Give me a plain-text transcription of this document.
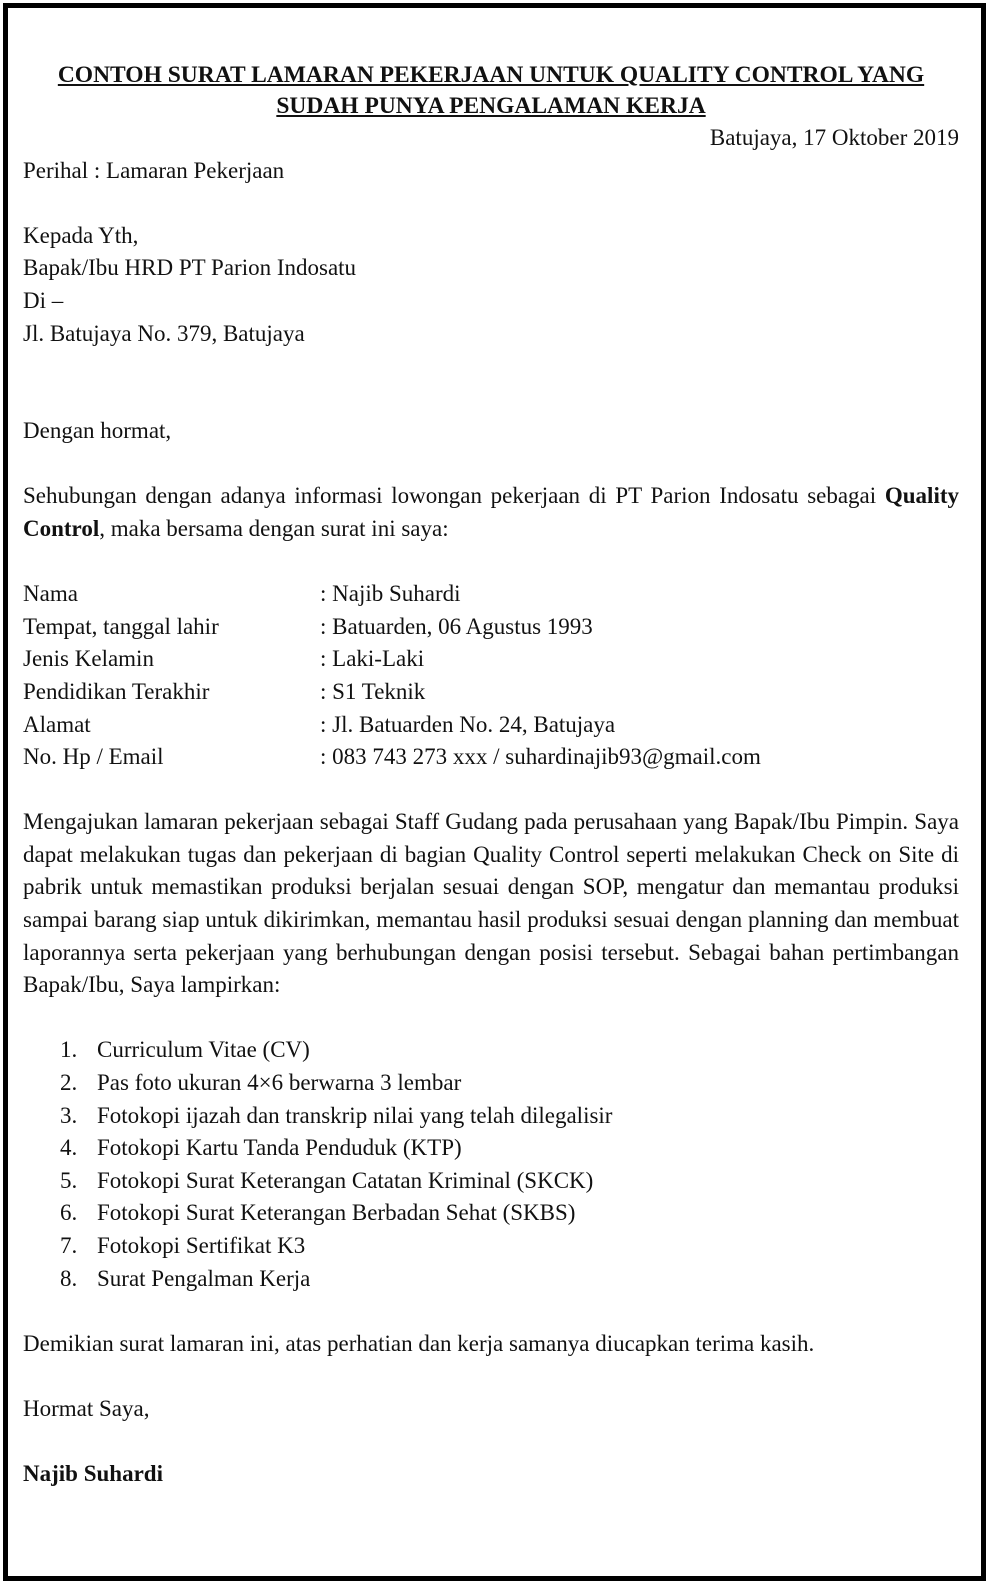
CONTOH SURAT LAMARAN PEKERJAAN UNTUK QUALITY CONTROL YANG
SUDAH PUNYA PENGALAMAN KERJA

Batujaya, 17 Oktober 2019

Perihal : Lamaran Pekerjaan

Kepada Yth,

Bapak/Ibu HRD PT Parion Indosatu

Di –

Jl. Batujaya No. 379, Batujaya

Dengan hormat,

Sehubungan dengan adanya informasi lowongan pekerjaan di PT Parion Indosatu sebagai Quality Control, maka bersama dengan surat ini saya:

Nama	: Najib Suhardi
Tempat, tanggal lahir	: Batuarden, 06 Agustus 1993
Jenis Kelamin	: Laki-Laki
Pendidikan Terakhir	: S1 Teknik
Alamat	: Jl. Batuarden No. 24, Batujaya
No. Hp / Email	: 083 743 273 xxx / suhardinajib93@gmail.com

Mengajukan lamaran pekerjaan sebagai Staff Gudang pada perusahaan yang Bapak/Ibu Pimpin. Saya dapat melakukan tugas dan pekerjaan di bagian Quality Control seperti melakukan Check on Site di pabrik untuk memastikan produksi berjalan sesuai dengan SOP, mengatur dan memantau produksi sampai barang siap untuk dikirimkan, memantau hasil produksi sesuai dengan planning dan membuat laporannya serta pekerjaan yang berhubungan dengan posisi tersebut. Sebagai bahan pertimbangan Bapak/Ibu, Saya lampirkan:

1. Curriculum Vitae (CV)
2. Pas foto ukuran 4×6 berwarna 3 lembar
3. Fotokopi ijazah dan transkrip nilai yang telah dilegalisir
4. Fotokopi Kartu Tanda Penduduk (KTP)
5. Fotokopi Surat Keterangan Catatan Kriminal (SKCK)
6. Fotokopi Surat Keterangan Berbadan Sehat (SKBS)
7. Fotokopi Sertifikat K3
8. Surat Pengalman Kerja

Demikian surat lamaran ini, atas perhatian dan kerja samanya diucapkan terima kasih.

Hormat Saya,

Najib Suhardi
